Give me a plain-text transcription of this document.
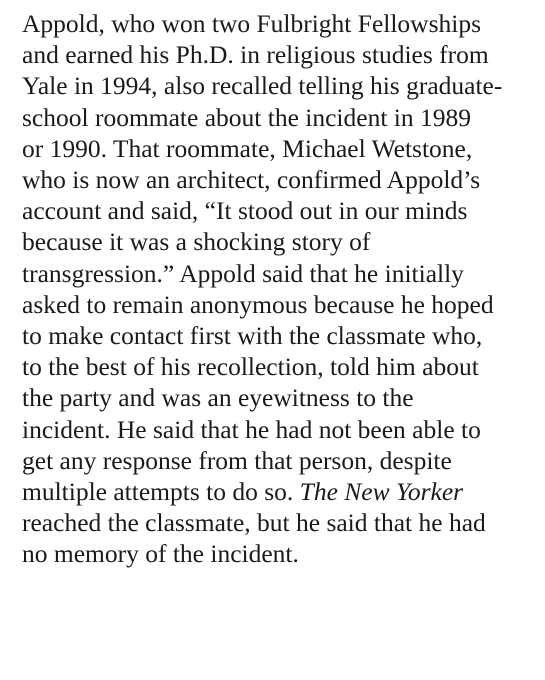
Appold, who won two Fulbright Fellowships
and earned his Ph.D. in religious studies from
Yale in 1994, also recalled telling his graduate-
school roommate about the incident in 1989
or 1990. That roommate, Michael Wetstone,
who is now an architect, confirmed Appold’s
account and said, “It stood out in our minds
because it was a shocking story of
transgression.” Appold said that he initially
asked to remain anonymous because he hoped
to make contact first with the classmate who,
to the best of his recollection, told him about
the party and was an eyewitness to the
incident. He said that he had not been able to
get any response from that person, despite
multiple attempts to do so. The New Yorker
reached the classmate, but he said that he had
no memory of the incident.
